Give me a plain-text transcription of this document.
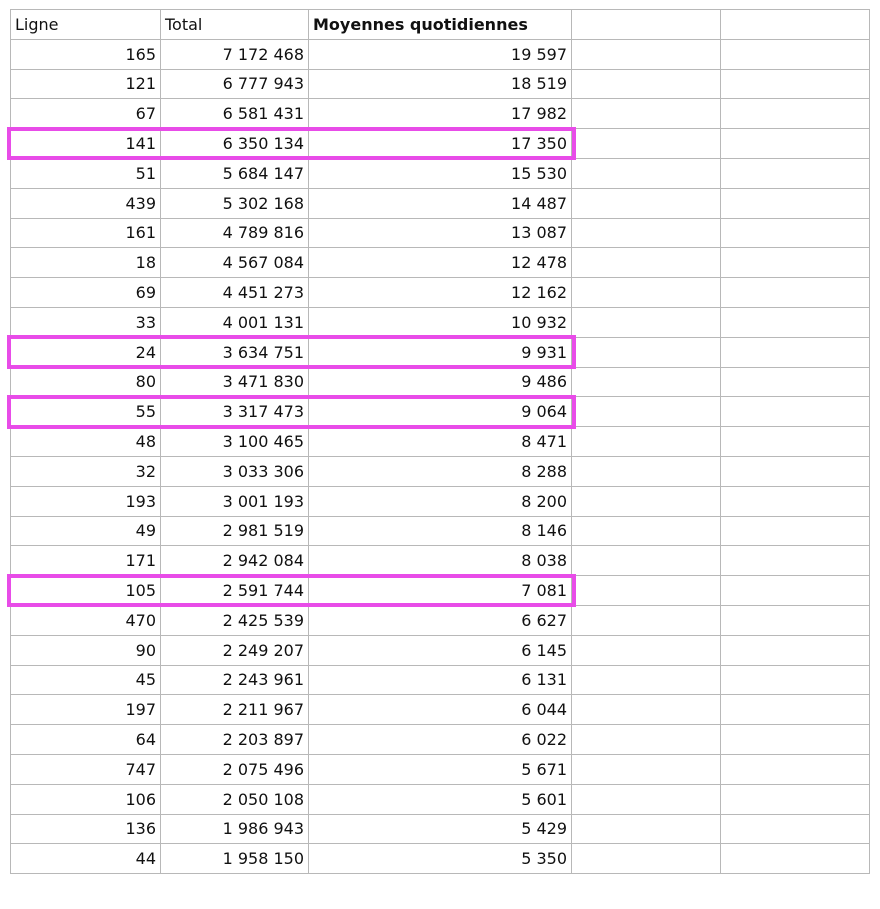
Ligne	Total	Moyennes quotidiennes		
165	7 172 468	19 597		
121	6 777 943	18 519		
67	6 581 431	17 982		
141	6 350 134	17 350		
51	5 684 147	15 530		
439	5 302 168	14 487		
161	4 789 816	13 087		
18	4 567 084	12 478		
69	4 451 273	12 162		
33	4 001 131	10 932		
24	3 634 751	9 931		
80	3 471 830	9 486		
55	3 317 473	9 064		
48	3 100 465	8 471		
32	3 033 306	8 288		
193	3 001 193	8 200		
49	2 981 519	8 146		
171	2 942 084	8 038		
105	2 591 744	7 081		
470	2 425 539	6 627		
90	2 249 207	6 145		
45	2 243 961	6 131		
197	2 211 967	6 044		
64	2 203 897	6 022		
747	2 075 496	5 671		
106	2 050 108	5 601		
136	1 986 943	5 429		
44	1 958 150	5 350		
